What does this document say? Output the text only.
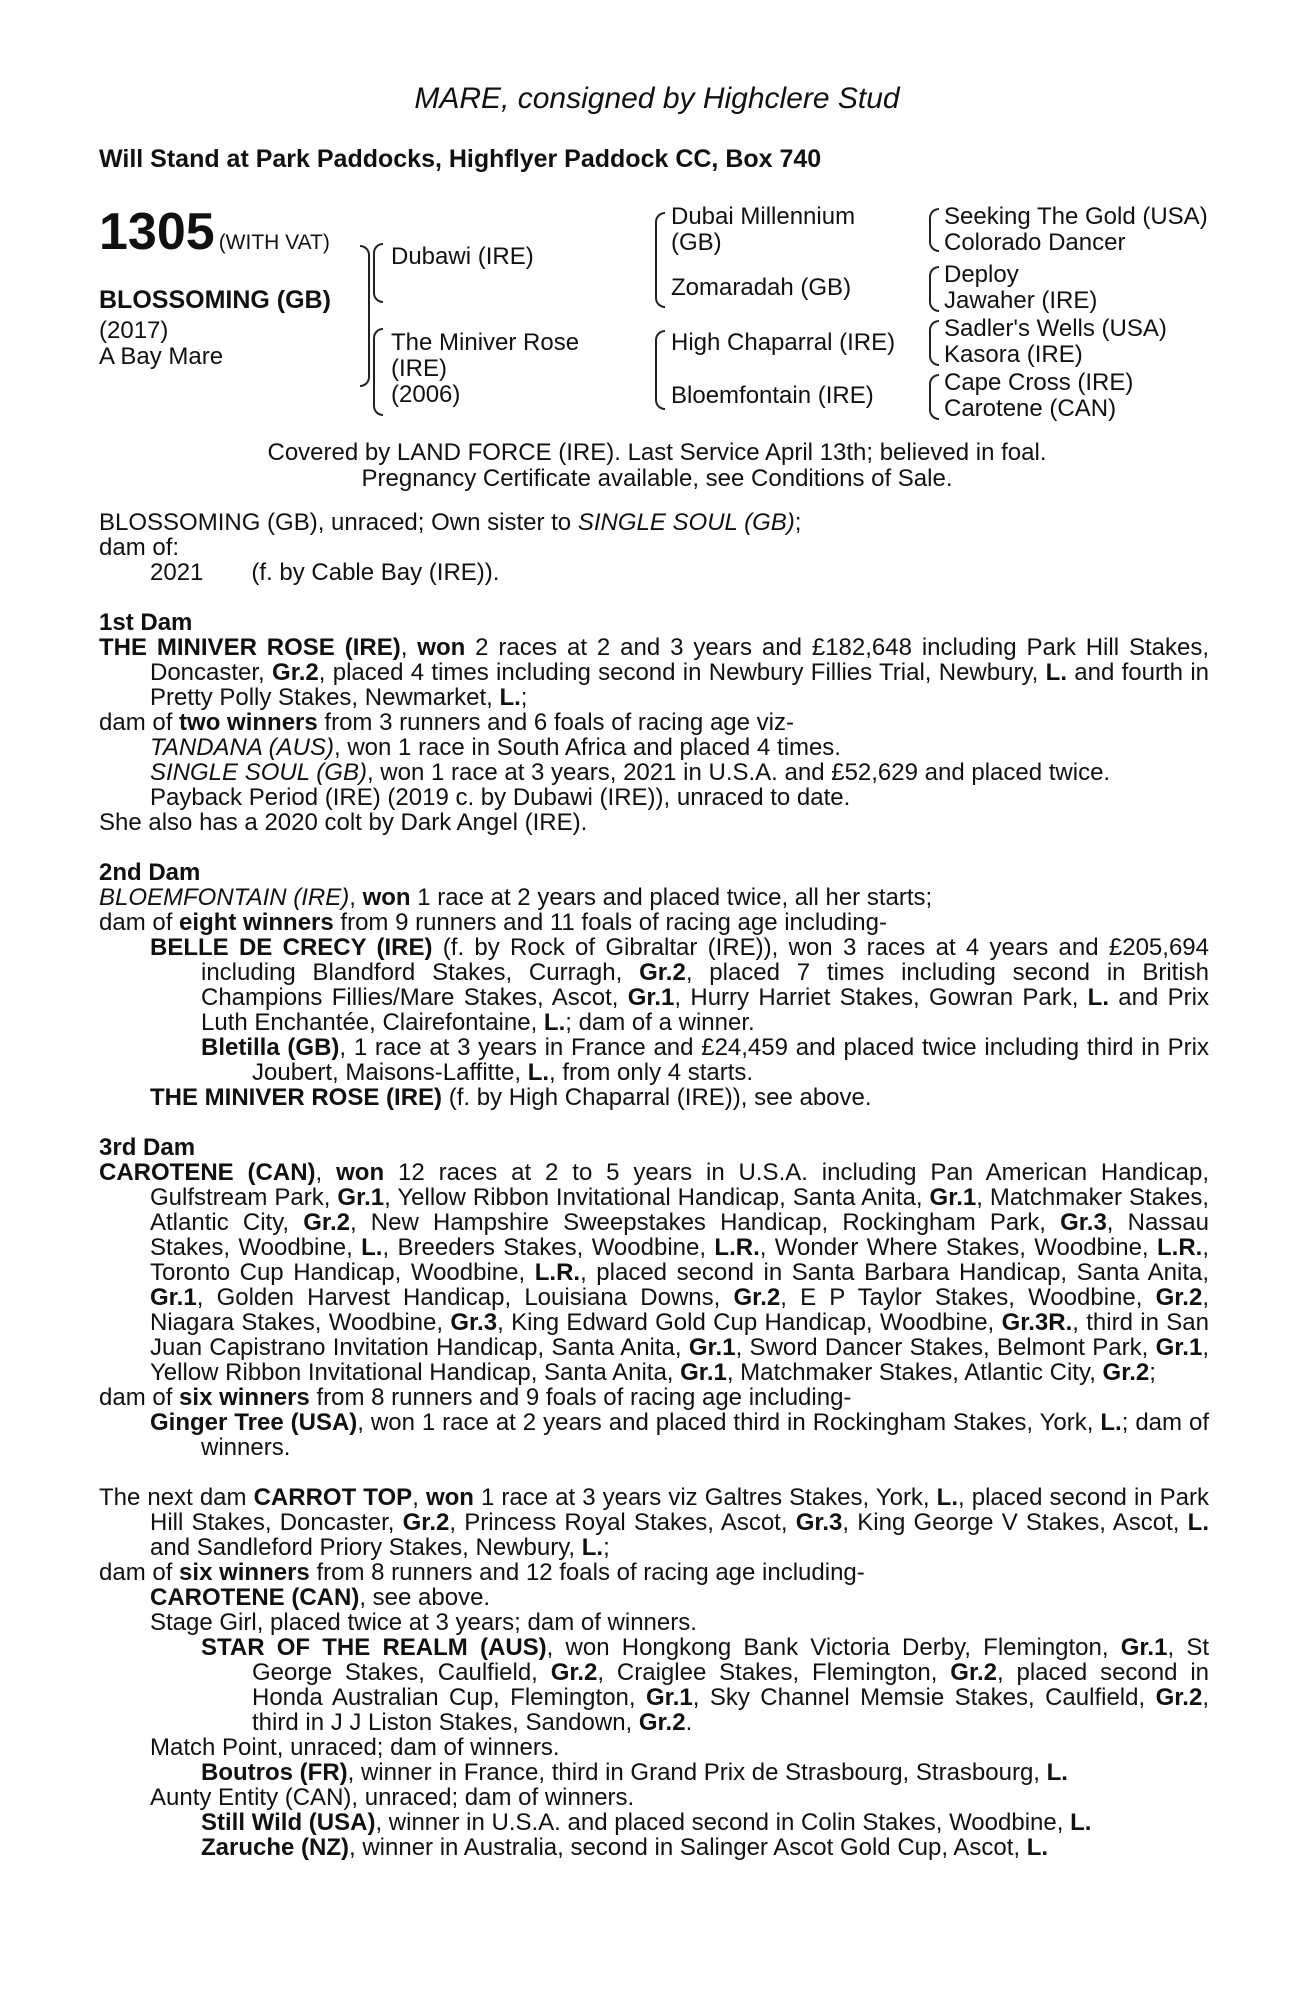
MARE, consigned by Highclere Stud
Will Stand at Park Paddocks, Highflyer Paddock CC, Box 740
1305 (WITH VAT)
BLOSSOMING (GB)
(2017)
A Bay Mare
Dubawi (IRE)
The Miniver Rose
(IRE)
(2006)
Dubai Millennium
(GB)
Zomaradah (GB)
High Chaparral (IRE)
Bloemfontain (IRE)
Seeking The Gold (USA)
Colorado Dancer
Deploy
Jawaher (IRE)
Sadler's Wells (USA)
Kasora (IRE)
Cape Cross (IRE)
Carotene (CAN)
Covered by LAND FORCE (IRE). Last Service April 13th; believed in foal.
Pregnancy Certificate available, see Conditions of Sale.

BLOSSOMING (GB), unraced; Own sister to SINGLE SOUL (GB);

dam of:

2021 (f. by Cable Bay (IRE)).

1st Dam

THE MINIVER ROSE (IRE), won 2 races at 2 and 3 years and £182,648 including Park Hill Stakes, Doncaster, Gr.2, placed 4 times including second in Newbury Fillies Trial, Newbury, L. and fourth in Pretty Polly Stakes, Newmarket, L.;

dam of two winners from 3 runners and 6 foals of racing age viz-

TANDANA (AUS), won 1 race in South Africa and placed 4 times.

SINGLE SOUL (GB), won 1 race at 3 years, 2021 in U.S.A. and £52,629 and placed twice.

Payback Period (IRE) (2019 c. by Dubawi (IRE)), unraced to date.

She also has a 2020 colt by Dark Angel (IRE).

2nd Dam

BLOEMFONTAIN (IRE), won 1 race at 2 years and placed twice, all her starts;

dam of eight winners from 9 runners and 11 foals of racing age including-

BELLE DE CRECY (IRE) (f. by Rock of Gibraltar (IRE)), won 3 races at 4 years and £205,694 including Blandford Stakes, Curragh, Gr.2, placed 7 times including second in British Champions Fillies/Mare Stakes, Ascot, Gr.1, Hurry Harriet Stakes, Gowran Park, L. and Prix Luth Enchantée, Clairefontaine, L.; dam of a winner.

Bletilla (GB), 1 race at 3 years in France and £24,459 and placed twice including third in Prix Joubert, Maisons-Laffitte, L., from only 4 starts.

THE MINIVER ROSE (IRE) (f. by High Chaparral (IRE)), see above.

3rd Dam

CAROTENE (CAN), won 12 races at 2 to 5 years in U.S.A. including Pan American Handicap, Gulfstream Park, Gr.1, Yellow Ribbon Invitational Handicap, Santa Anita, Gr.1, Matchmaker Stakes, Atlantic City, Gr.2, New Hampshire Sweepstakes Handicap, Rockingham Park, Gr.3, Nassau Stakes, Woodbine, L., Breeders Stakes, Woodbine, L.R., Wonder Where Stakes, Woodbine, L.R., Toronto Cup Handicap, Woodbine, L.R., placed second in Santa Barbara Handicap, Santa Anita, Gr.1, Golden Harvest Handicap, Louisiana Downs, Gr.2, E P Taylor Stakes, Woodbine, Gr.2, Niagara Stakes, Woodbine, Gr.3, King Edward Gold Cup Handicap, Woodbine, Gr.3R., third in San Juan Capistrano Invitation Handicap, Santa Anita, Gr.1, Sword Dancer Stakes, Belmont Park, Gr.1, Yellow Ribbon Invitational Handicap, Santa Anita, Gr.1, Matchmaker Stakes, Atlantic City, Gr.2;

dam of six winners from 8 runners and 9 foals of racing age including-

Ginger Tree (USA), won 1 race at 2 years and placed third in Rockingham Stakes, York, L.; dam of winners.

The next dam CARROT TOP, won 1 race at 3 years viz Galtres Stakes, York, L., placed second in Park Hill Stakes, Doncaster, Gr.2, Princess Royal Stakes, Ascot, Gr.3, King George V Stakes, Ascot, L. and Sandleford Priory Stakes, Newbury, L.;

dam of six winners from 8 runners and 12 foals of racing age including-

CAROTENE (CAN), see above.

Stage Girl, placed twice at 3 years; dam of winners.

STAR OF THE REALM (AUS), won Hongkong Bank Victoria Derby, Flemington, Gr.1, St George Stakes, Caulfield, Gr.2, Craiglee Stakes, Flemington, Gr.2, placed second in Honda Australian Cup, Flemington, Gr.1, Sky Channel Memsie Stakes, Caulfield, Gr.2, third in J J Liston Stakes, Sandown, Gr.2.

Match Point, unraced; dam of winners.

Boutros (FR), winner in France, third in Grand Prix de Strasbourg, Strasbourg, L.

Aunty Entity (CAN), unraced; dam of winners.

Still Wild (USA), winner in U.S.A. and placed second in Colin Stakes, Woodbine, L.

Zaruche (NZ), winner in Australia, second in Salinger Ascot Gold Cup, Ascot, L.
